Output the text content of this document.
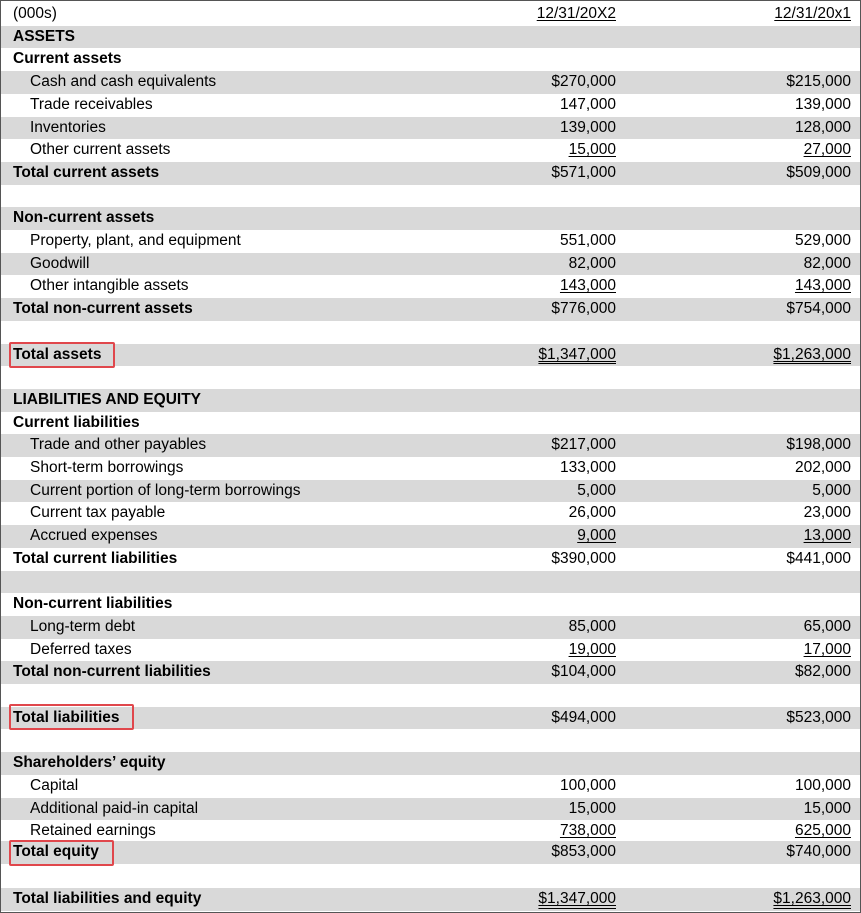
(000s)	12/31/20X2	12/31/20x1
ASSETS
Current assets
Cash and cash equivalents	$270,000	$215,000
Trade receivables	147,000	139,000
Inventories	139,000	128,000
Other current assets	15,000	27,000
Total current assets	$571,000	$509,000
Non-current assets
Property, plant, and equipment	551,000	529,000
Goodwill	82,000	82,000
Other intangible assets	143,000	143,000
Total non-current assets	$776,000	$754,000
Total assets	$1,347,000	$1,263,000
LIABILITIES AND EQUITY
Current liabilities
Trade and other payables	$217,000	$198,000
Short-term borrowings	133,000	202,000
Current portion of long-term borrowings	5,000	5,000
Current tax payable	26,000	23,000
Accrued expenses	9,000	13,000
Total current liabilities	$390,000	$441,000
Non-current liabilities
Long-term debt	85,000	65,000
Deferred taxes	19,000	17,000
Total non-current liabilities	$104,000	$82,000
Total liabilities	$494,000	$523,000
Shareholders’ equity
Capital	100,000	100,000
Additional paid-in capital	15,000	15,000
Retained earnings	738,000	625,000
Total equity	$853,000	$740,000
Total liabilities and equity	$1,347,000	$1,263,000
